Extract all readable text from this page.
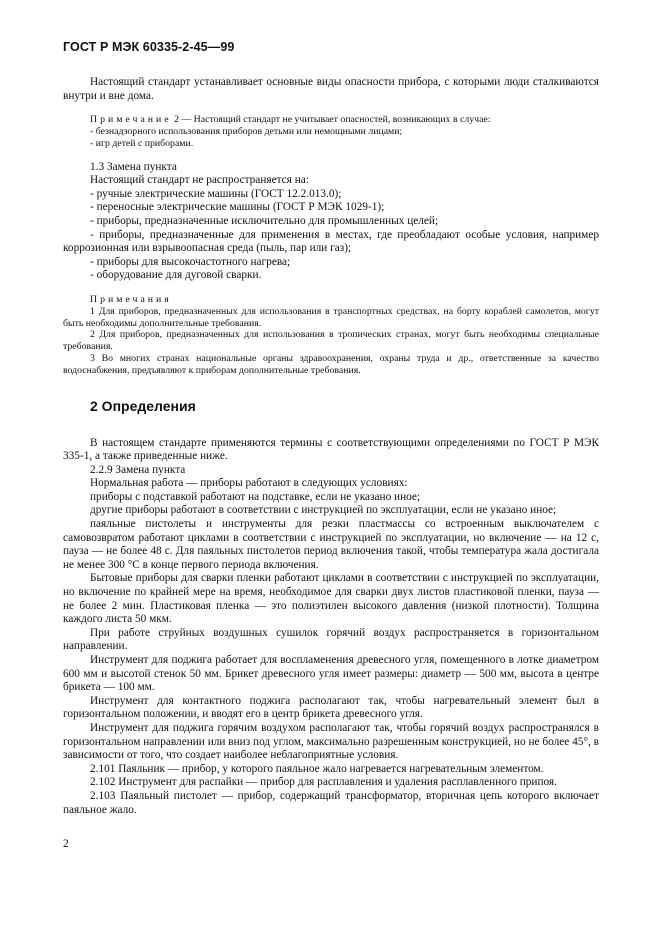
ГОСТ Р МЭК 60335-2-45—99

Настоящий стандарт устанавливает основные виды опасности прибора, с которыми люди сталкиваются внутри и вне дома.

Примечание 2 — Настоящий стандарт не учитывает опасностей, возникающих в случае:

- безнадзорного использования приборов детьми или немощными лицами;

- игр детей с приборами.

1.3 Замена пункта

Настоящий стандарт не распространяется на:

- ручные электрические машины (ГОСТ 12.2.013.0);

- переносные электрические машины (ГОСТ Р МЭК 1029-1);

- приборы, предназначенные исключительно для промышленных целей;

- приборы, предназначенные для применения в местах, где преобладают особые условия, например коррозионная или взрывоопасная среда (пыль, пар или газ);

- приборы для высокочастотного нагрева;

- оборудование для дуговой сварки.

Примечания

1 Для приборов, предназначенных для использования в транспортных средствах, на борту кораблей самолетов, могут быть необходимы дополнительные требования.

2 Для приборов, предназначенных для использования в тропических странах, могут быть необходимы специальные требования.

3 Во многих странах национальные органы здравоохранения, охраны труда и др., ответственные за качество водоснабжения, предъявляют к приборам дополнительные требования.

2 Определения

В настоящем стандарте применяются термины с соответствующими определениями по ГОСТ Р МЭК 335-1, а также приведенные ниже.

2.2.9 Замена пункта

Нормальная работа — приборы работают в следующих условиях:

приборы с подставкой работают на подставке, если не указано иное;

другие приборы работают в соответствии с инструкцией по эксплуатации, если не указано иное;

паяльные пистолеты и инструменты для резки пластмассы со встроенным выключателем с самовозвратом работают циклами в соответствии с инструкцией по эксплуатации, но включение — на 12 с, пауза — не более 48 с. Для паяльных пистолетов период включения такой, чтобы температура жала достигала не менее 300 °С в конце первого периода включения.

Бытовые приборы для сварки пленки работают циклами в соответствии с инструкцией по эксплуатации, но включение по крайней мере на время, необходимое для сварки двух листов пластиковой пленки, пауза — не более 2 мин. Пластиковая пленка — это полиэтилен высокого давления (низкой плотности). Толщина каждого листа 50 мкм.

При работе струйных воздушных сушилок горячий воздух распространяется в горизонтальном направлении.

Инструмент для поджига работает для воспламенения древесного угля, помещенного в лотке диаметром 600 мм и высотой стенок 50 мм. Брикет древесного угля имеет размеры: диаметр — 500 мм, высота в центре брикета — 100 мм.

Инструмент для контактного поджига располагают так, чтобы нагревательный элемент был в горизонтальном положении, и вводят его в центр брикета древесного угля.

Инструмент для поджига горячим воздухом располагают так, чтобы горячий воздух распространялся в горизонтальном направлении или вниз под углом, максимально разрешенным конструкцией, но не более 45°, в зависимости от того, что создает наиболее неблагоприятные условия.

2.101 Паяльник — прибор, у которого паяльное жало нагревается нагревательным элементом.

2.102 Инструмент для распайки — прибор для расплавления и удаления расплавленного припоя.

2.103 Паяльный пистолет — прибор, содержащий трансформатор, вторичная цепь которого включает паяльное жало.

2
